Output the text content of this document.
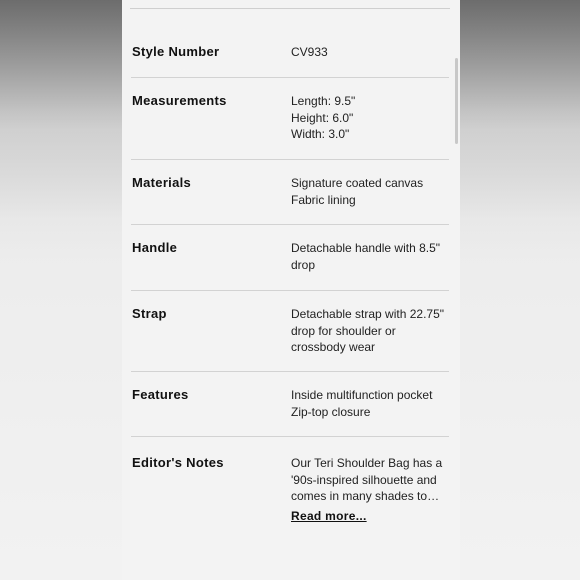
Style Number	CV933
Measurements	Length: 9.5"
Height: 6.0"
Width: 3.0"
Materials	Signature coated canvas
Fabric lining
Handle	Detachable handle with 8.5"
drop
Strap	Detachable strap with 22.75"
drop for shoulder or
crossbody wear
Features	Inside multifunction pocket
Zip-top closure
Editor's Notes	Our Teri Shoulder Bag has a
'90s-inspired silhouette and
comes in many shades to…
Read more...
